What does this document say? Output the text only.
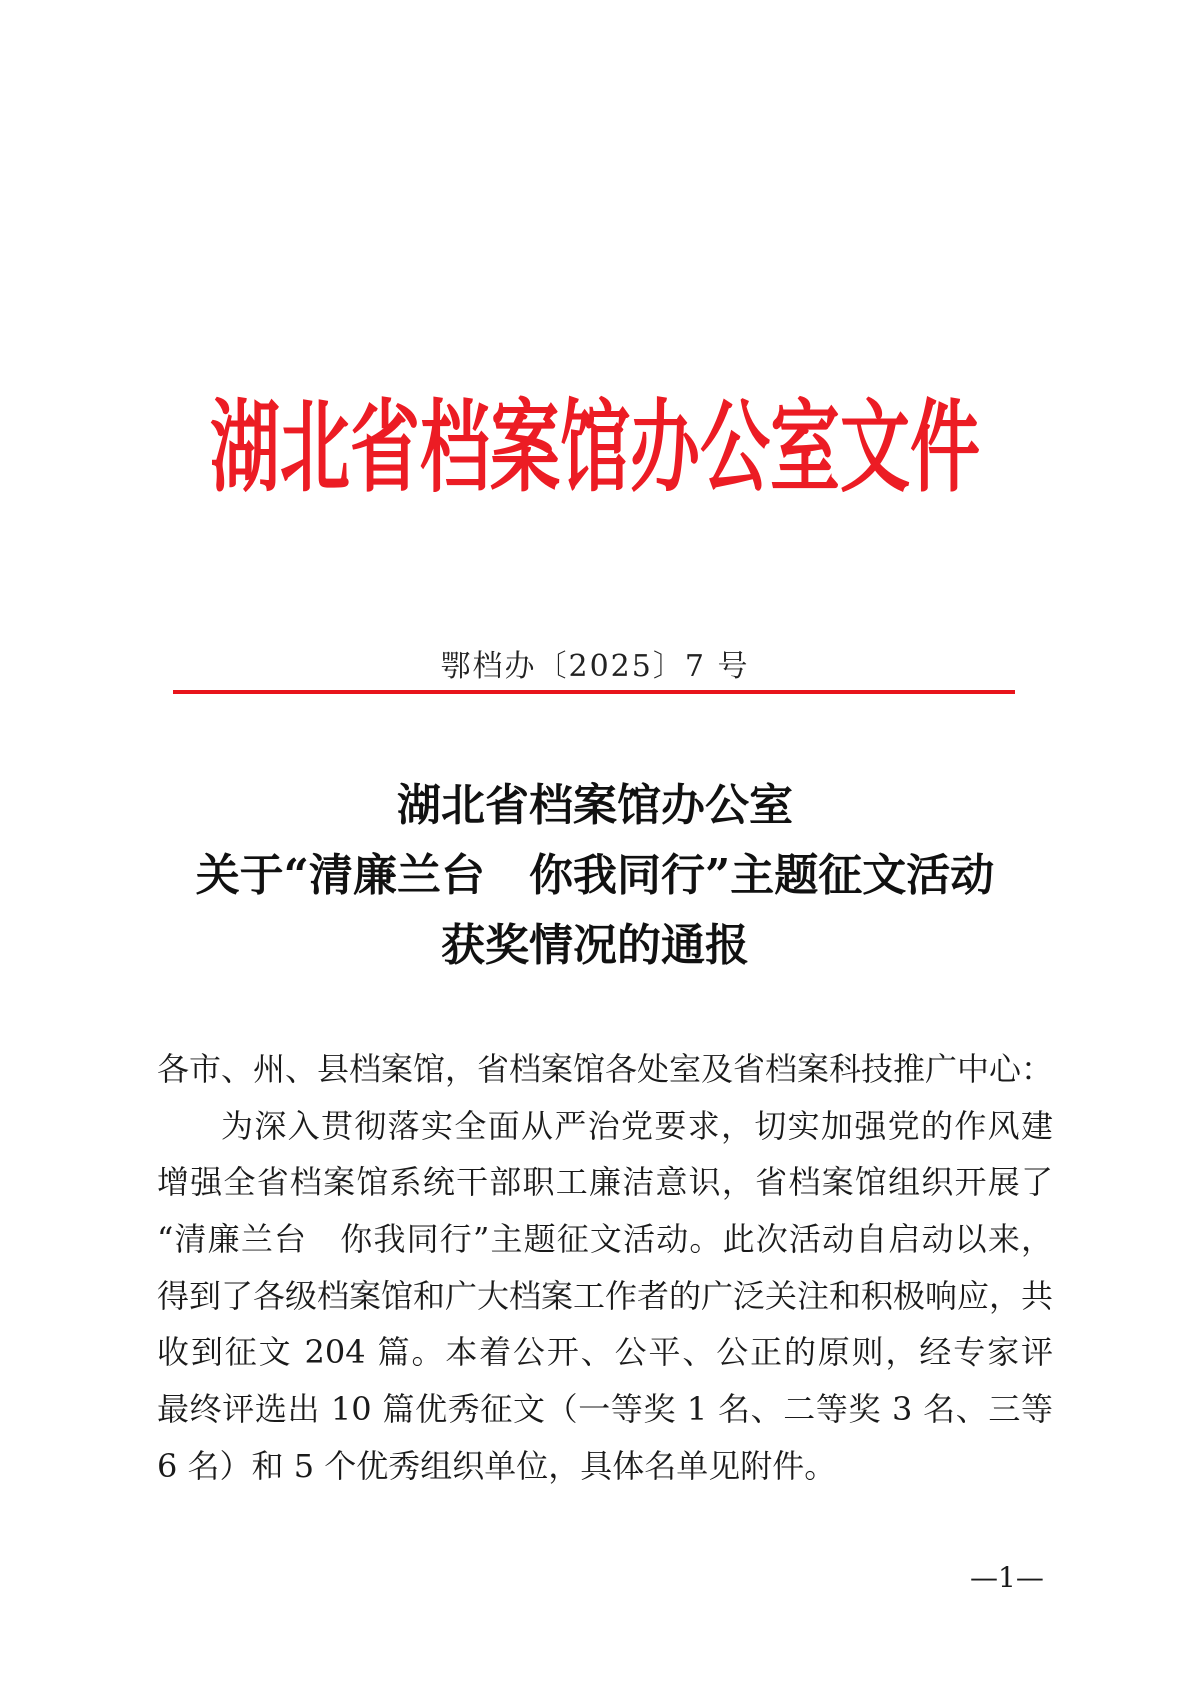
湖北省档案馆办公室文件
鄂档办〔2025〕7 号
湖北省档案馆办公室
关于“清廉兰台　你我同行”主题征文活动
获奖情况的通报
各市、州、县档案馆，省档案馆各处室及省档案科技推广中心：
为深入贯彻落实全面从严治党要求，切实加强党的作风建
增强全省档案馆系统干部职工廉洁意识，省档案馆组织开展了
“清廉兰台　你我同行”主题征文活动。此次活动自启动以来，
得到了各级档案馆和广大档案工作者的广泛关注和积极响应，共
收到征文 204 篇。本着公开、公平、公正的原则，经专家评
最终评选出 10 篇优秀征文（一等奖 1 名、二等奖 3 名、三等
6 名）和 5 个优秀组织单位，具体名单见附件。
—1—
